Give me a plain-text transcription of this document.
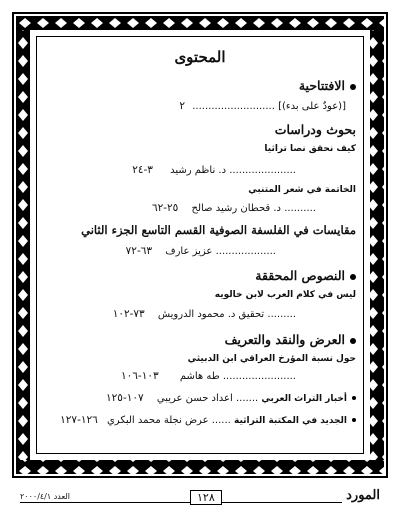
المحتوى
الافتتاحية
[(عودٌ على بدء)] .......................... ٢
بحوث ودراسات
كيف نحقق نصا تراثيا
..................... د. ناظم رشيد ٣-٢٤
الخاتمة في شعر المتنبي
.......... د. قحطان رشيد صالح ٢٥-٦٢
مقايسات في الفلسفة الصوفية القسم التاسع الجزء الثاني
................... عزيز عارف ٦٣-٧٢
النصوص المحققة
ليس في كلام العرب لابن خالويه
......... تحقيق د. محمود الدرويش ٧٣-١٠٢
العرض والنقد والتعريف
حول نسبة المؤرخ العراقي ابن الدبيثي
....................... طه هاشم ١٠٣-١٠٦
أخبار التراث العربي ....... اعداد حسن عريبي ١٠٧-١٢٥
الجديد في المكتبة التراثية ...... عرض نجلة محمد البكري ١٢٦-١٢٧
العدد ٢٠٠٠/٤/١	١٢٨	المورد
